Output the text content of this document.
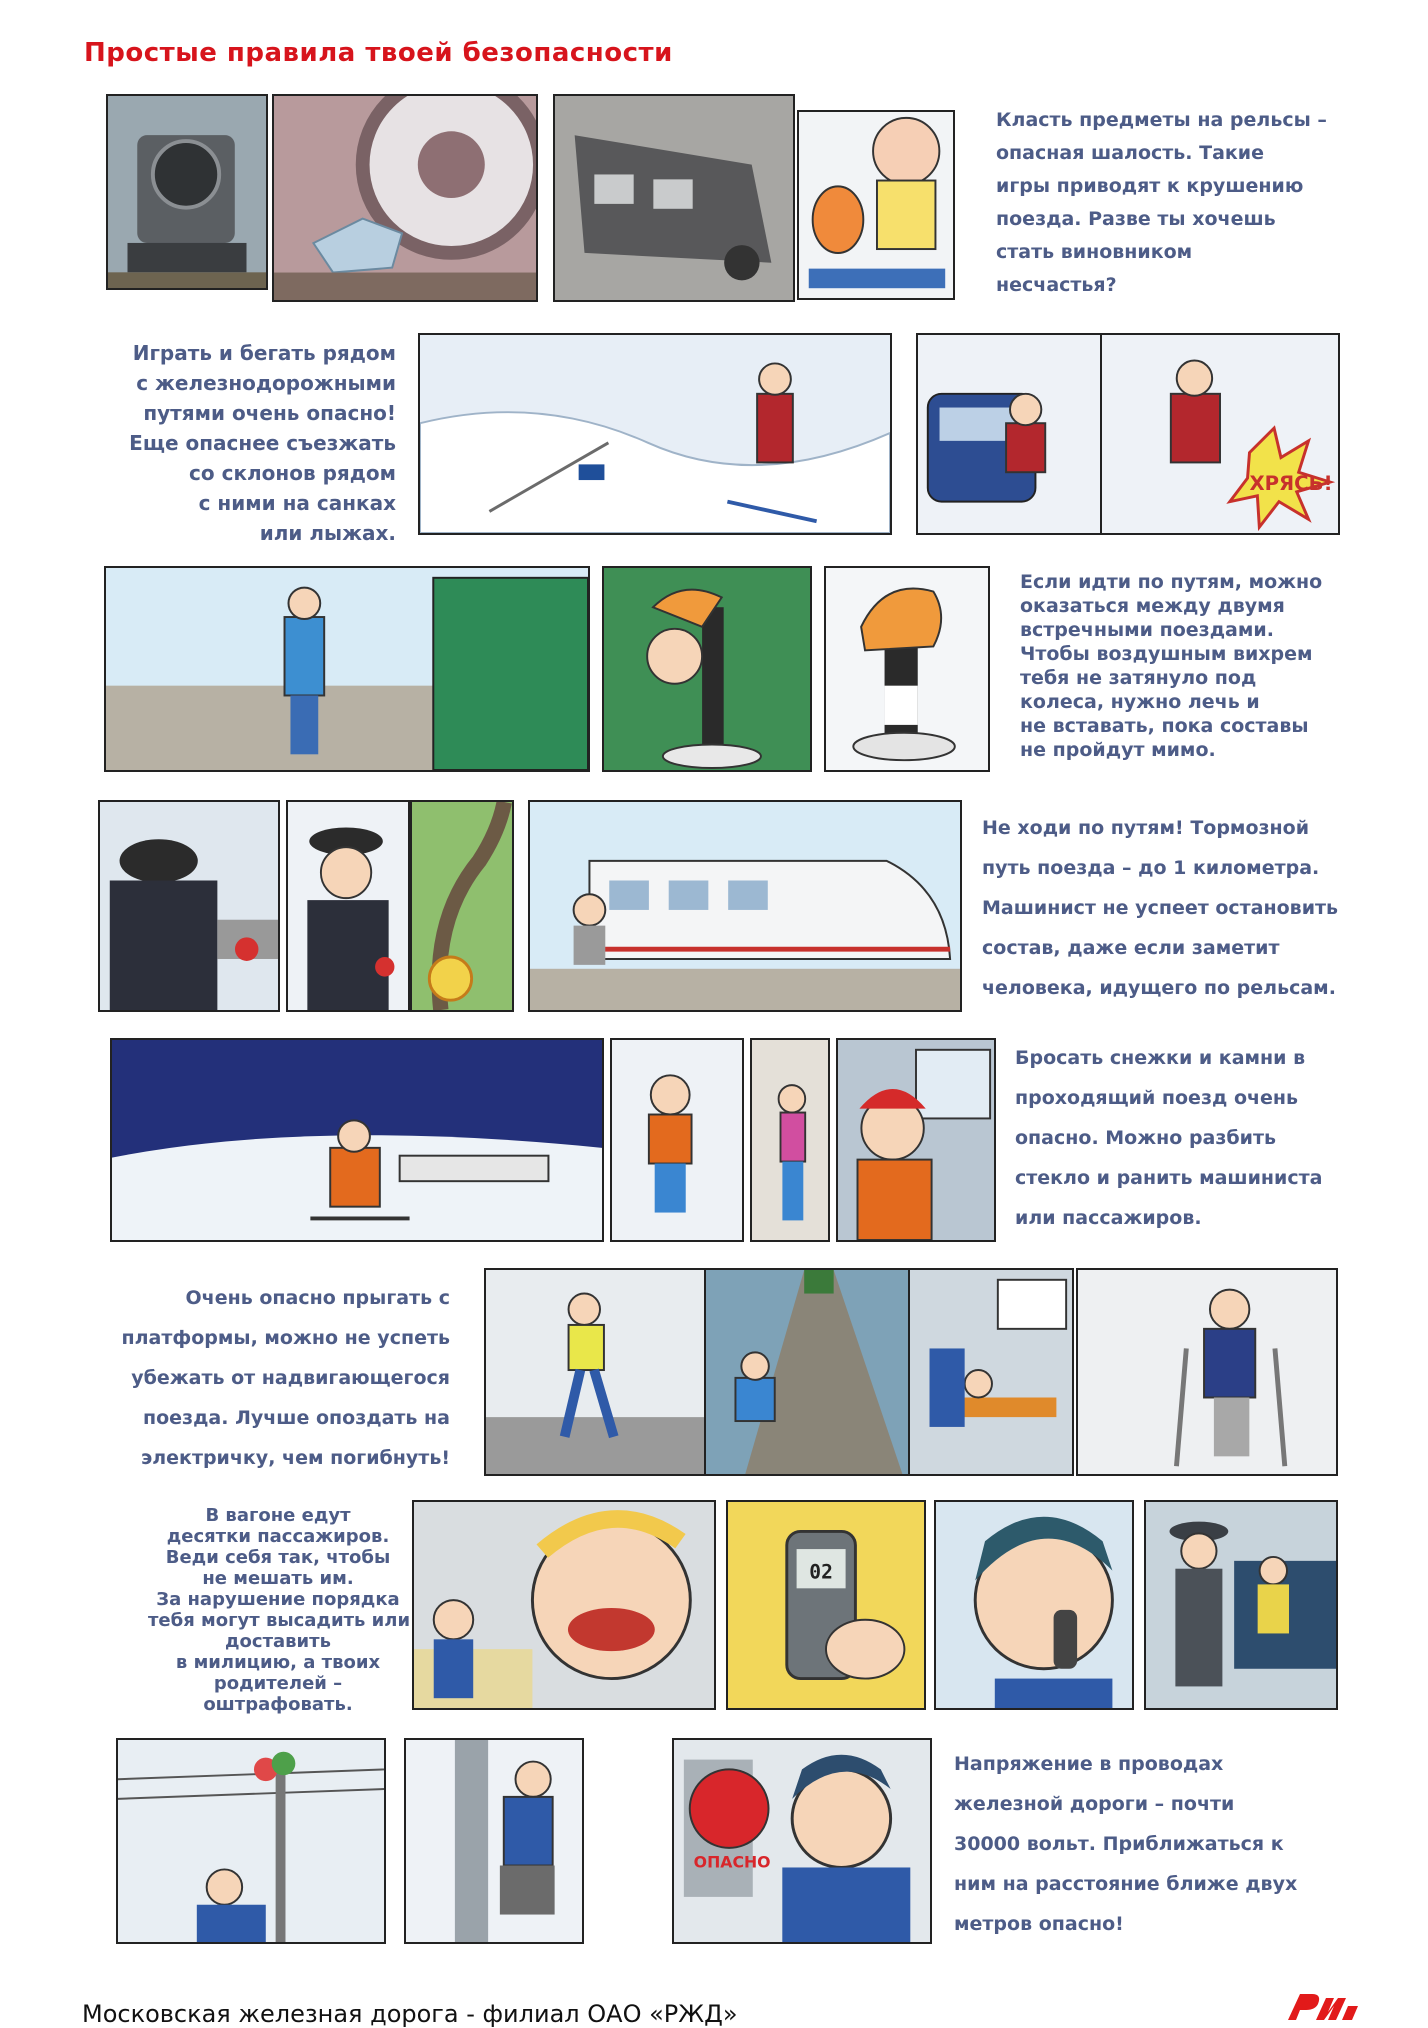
Простые правила твоей безопасности
Класть предметы на рельсы –
опасная шалость. Такие
игры приводят к крушению
поезда. Разве ты хочешь
стать виновником
несчастья?
Играть и бегать рядом
с железнодорожными
путями очень опасно!
Еще опаснее съезжать
со склонов рядом
с ними на санках
или лыжах.
ХРЯСЬ!
Если идти по путям, можно
оказаться между двумя
встречными поездами.
Чтобы воздушным вихрем
тебя не затянуло под
колеса, нужно лечь и
не вставать, пока составы
не пройдут мимо.
Не ходи по путям! Тормозной
путь поезда – до 1 километра.
Машинист не успеет остановить
состав, даже если заметит
человека, идущего по рельсам.
Бросать снежки и камни в
проходящий поезд очень
опасно. Можно разбить
стекло и ранить машиниста
или пассажиров.
Очень опасно прыгать с
платформы, можно не успеть
убежать от надвигающегося
поезда. Лучше опоздать на
электричку, чем погибнуть!
В вагоне едут
десятки пассажиров.
Веди себя так, чтобы
не мешать им.
За нарушение порядка
тебя могут высадить или
доставить
в милицию, а твоих
родителей –
оштрафовать.
02
ОПАСНО
Напряжение в проводах
железной дороги – почти
30000 вольт. Приближаться к
ним на расстояние ближе двух
метров опасно!
Московская железная дорога - филиал ОАО «РЖД»
